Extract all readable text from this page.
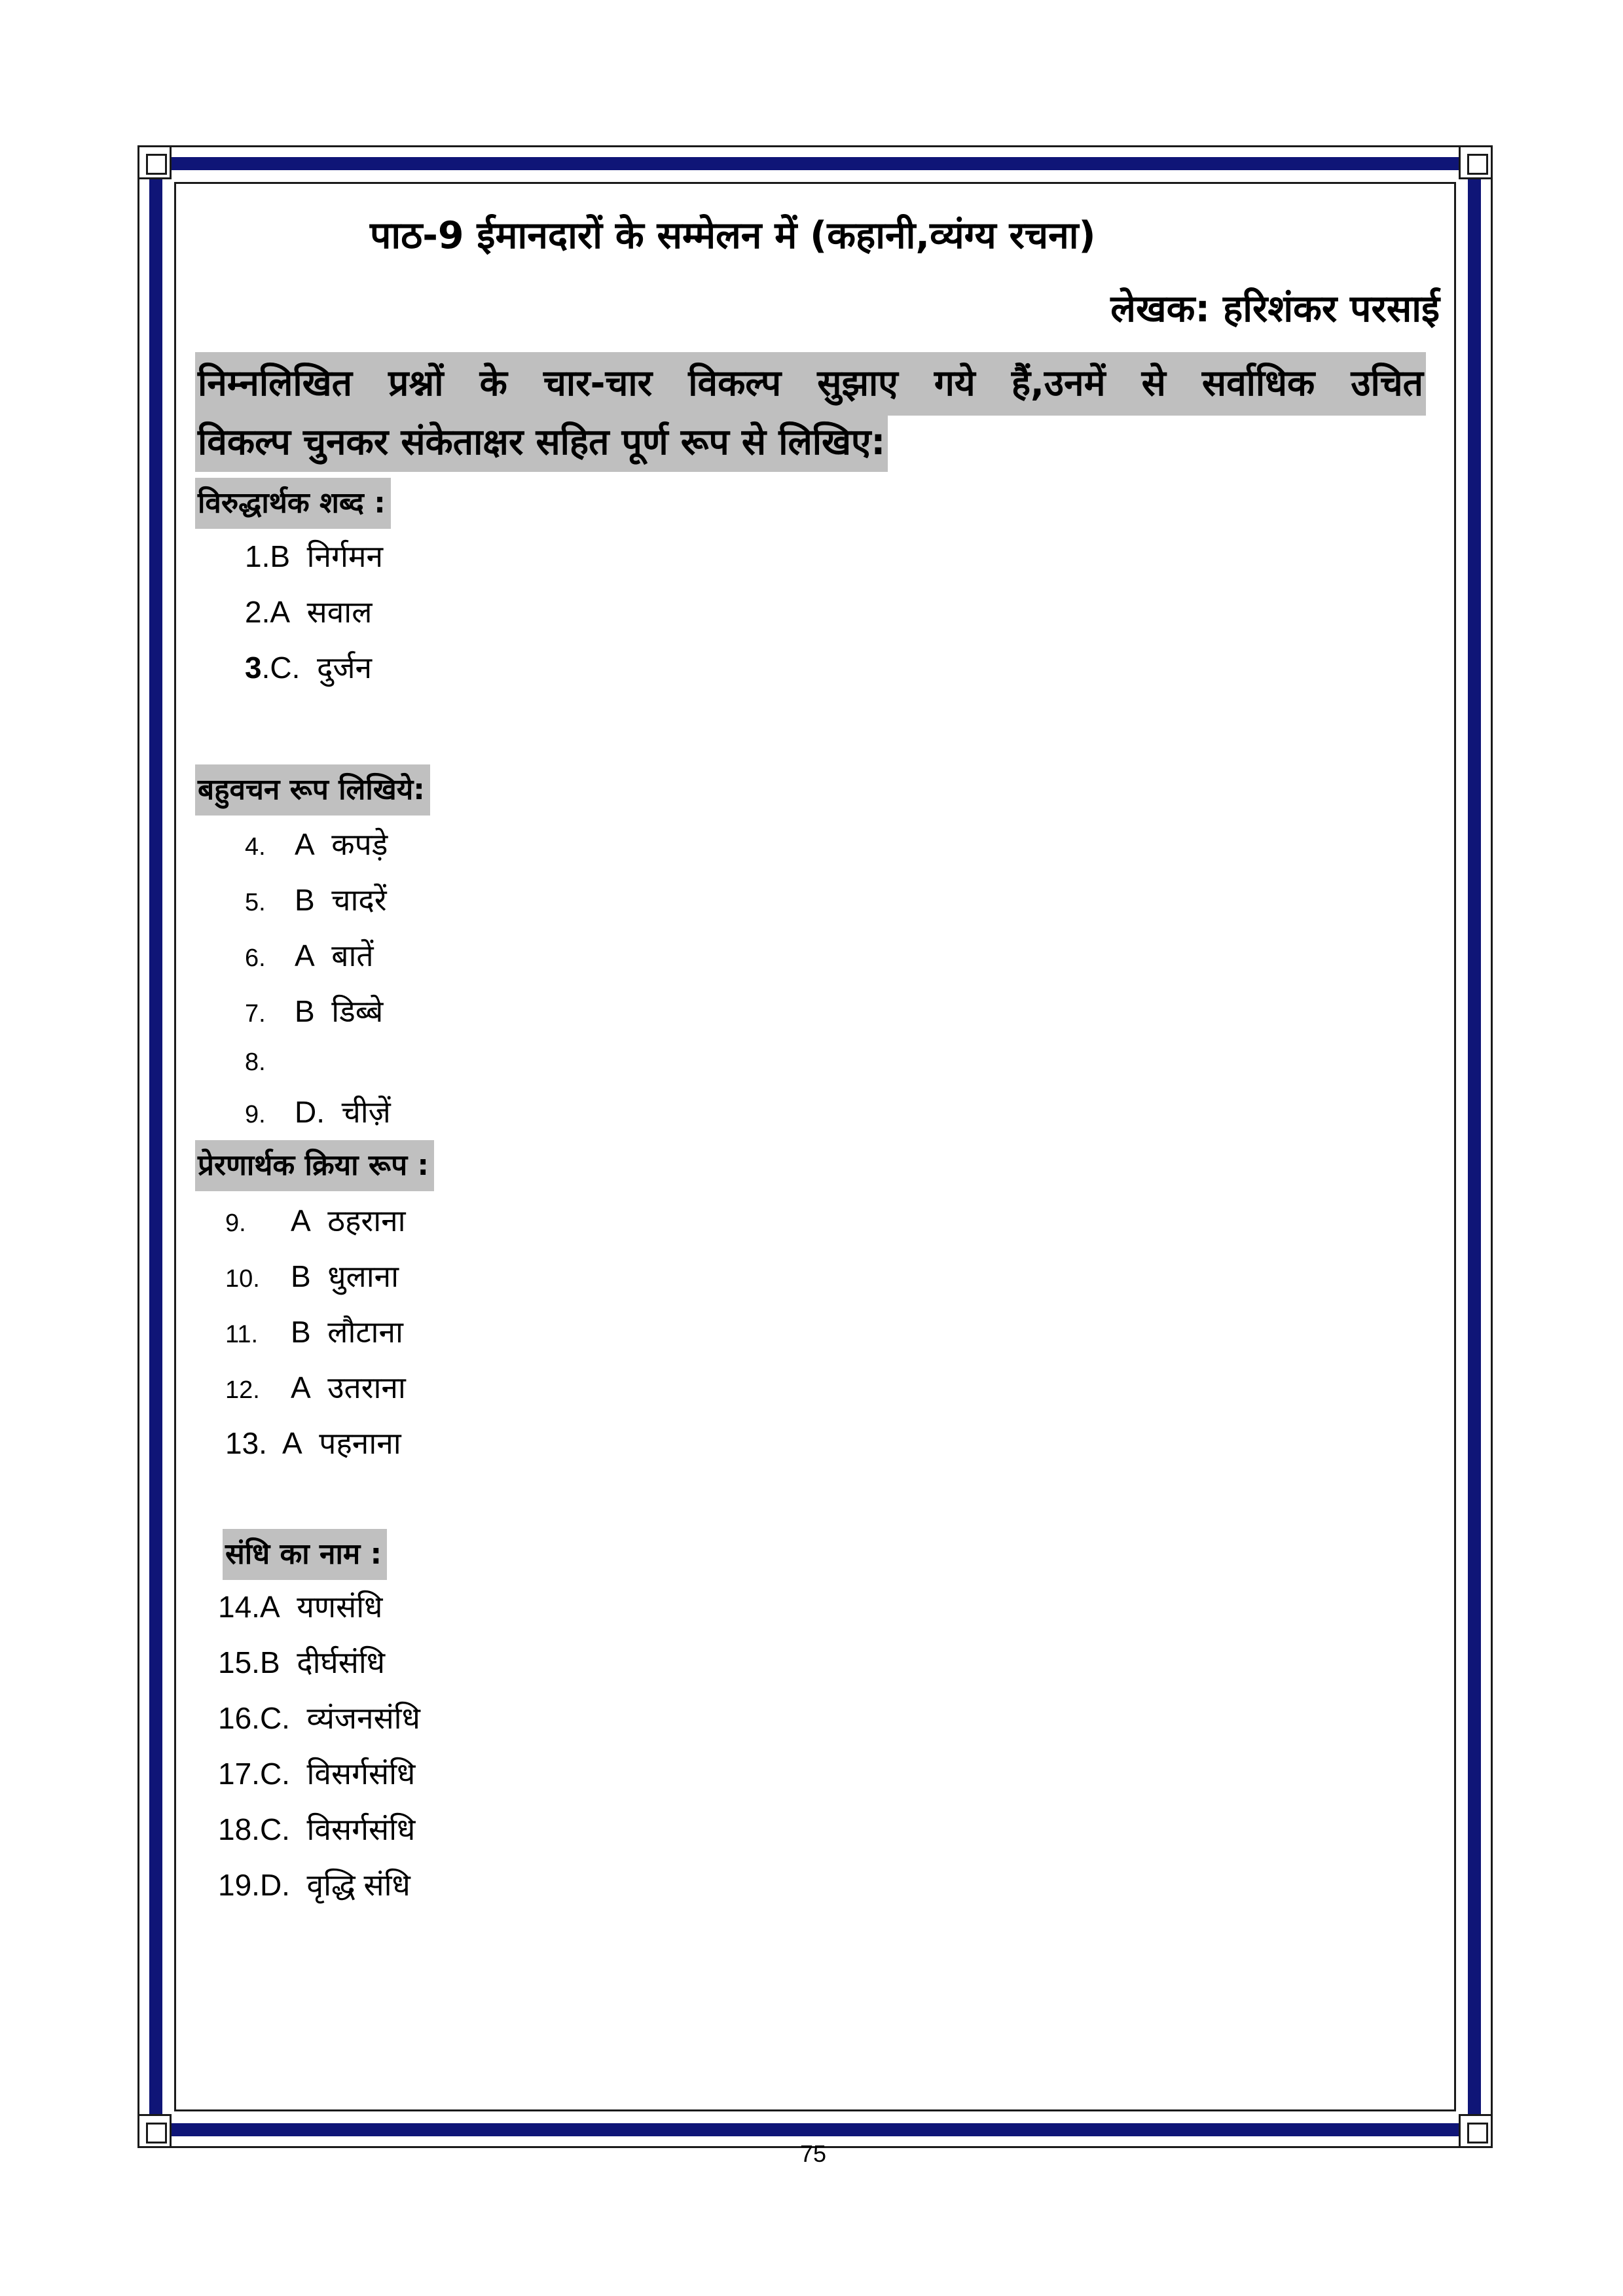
पाठ-9 ईमानदारों के सम्मेलन में (कहानी,व्यंग्य रचना)
लेखक: हरिशंकर परसाई
निम्नलिखित प्रश्नों के चार-चार विकल्प सुझाए गये हैं,उनमें से सर्वाधिक उचित
विकल्प चुनकर संकेताक्षर सहित पूर्ण रूप से लिखिए:
विरुद्धार्थक शब्द :
1.B निर्गमन
2.A सवाल
3.C. दुर्जन
बहुवचन रूप लिखिये:
4. A कपड़े
5. B चादरें
6. A बातें
7. B डिब्बे
8.
9. D. चीज़ें
प्रेरणार्थक क्रिया रूप :
9. A ठहराना
10. B धुलाना
11. B लौटाना
12. A उतराना
13. A पहनाना
संधि का नाम :
14.A यणसंधि
15.B दीर्घसंधि
16.C. व्यंजनसंधि
17.C. विसर्गसंधि
18.C. विसर्गसंधि
19.D. वृद्धि संधि
75
